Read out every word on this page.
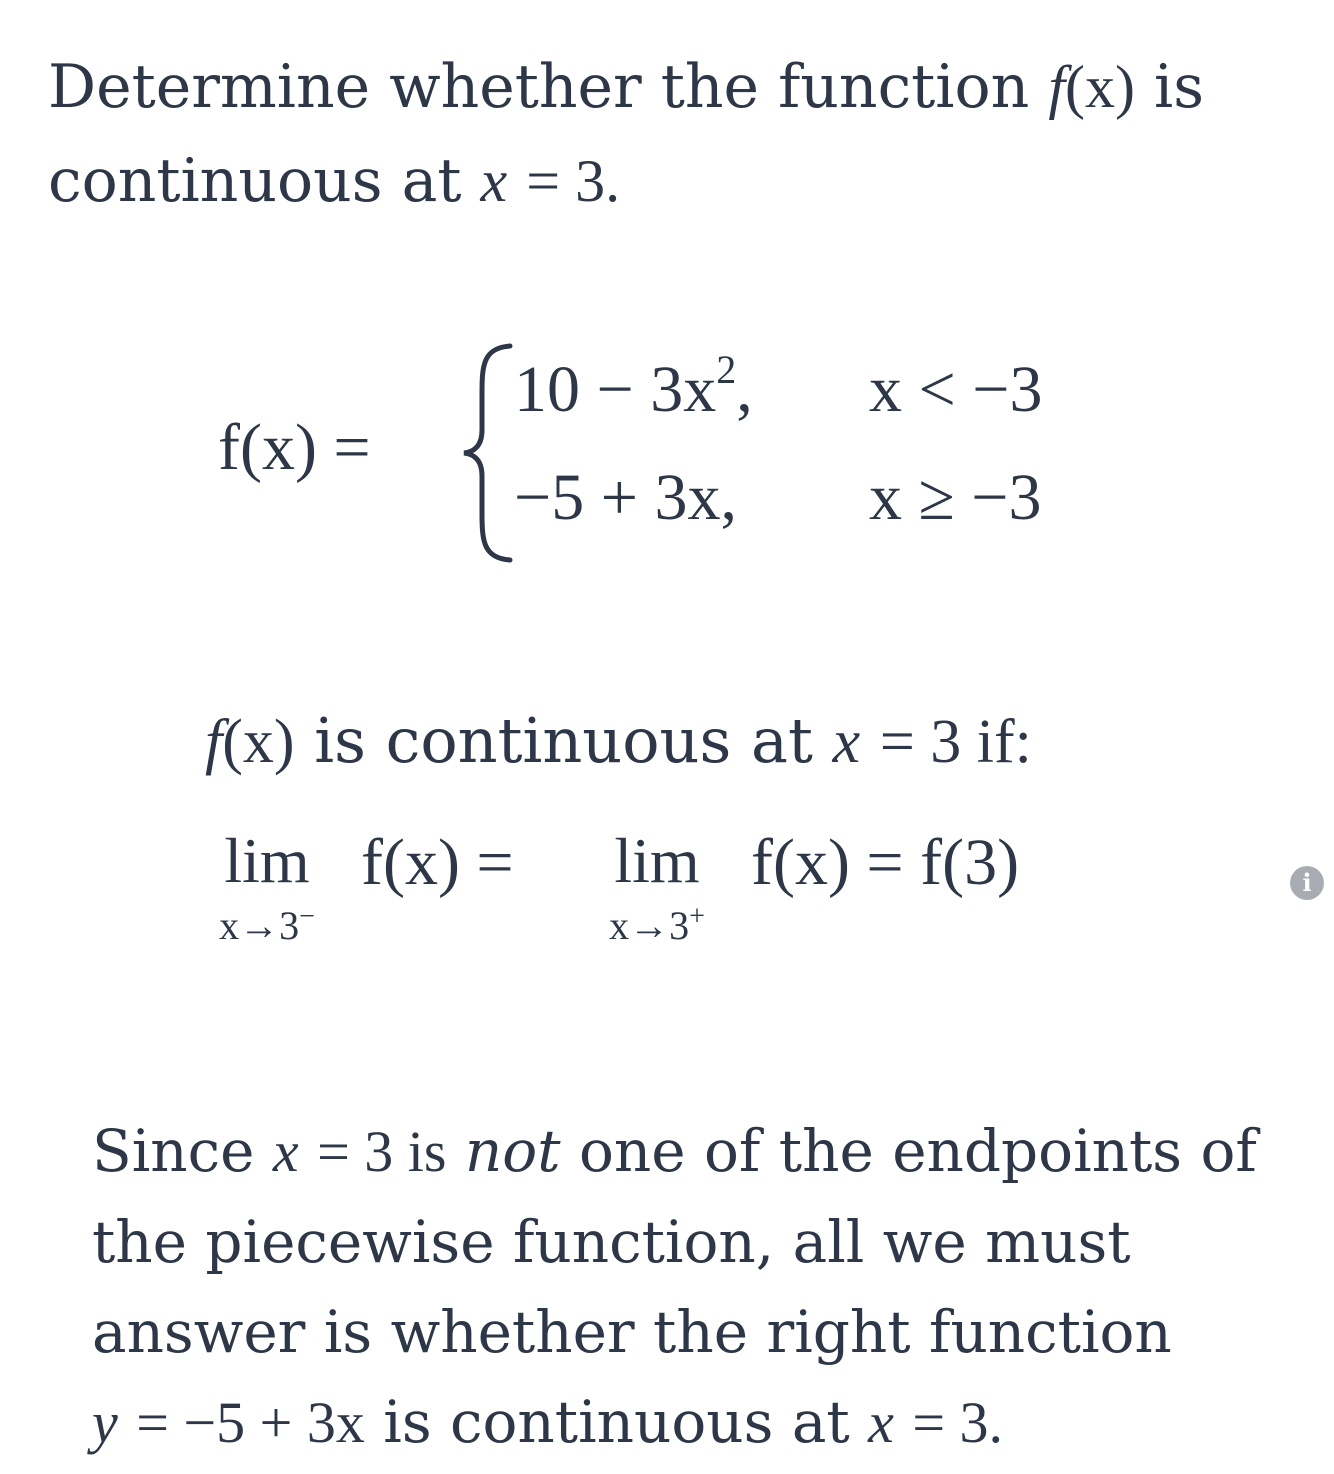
Determine whether the function f(x) is continuous at x = 3.

f(x) =
$10 - 3x^2$, x < −3
−5 + 3x, x ≥ −3
f(x) is continuous at x = 3 if:
lim
x→3−
f(x) =	lim
x→3+
f(x) = f(3)	i

Since x = 3 is not one of the endpoints of the piecewise function, all we must answer is whether the right function
y = −5 + 3x is continuous at x = 3.
